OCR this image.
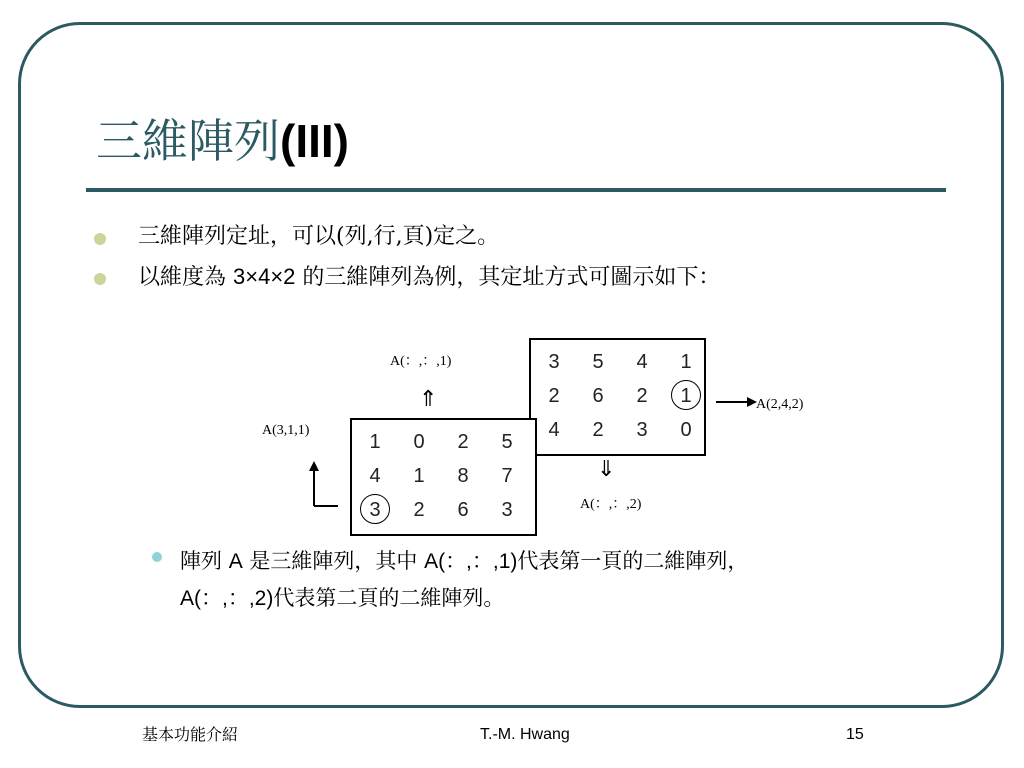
三維陣列(III)
三維陣列定址，可以(列,行,頁)定之。
以維度為 3×4×2 的三維陣列為例，其定址方式可圖示如下：
3	5	4	1
2	6	2	1
4	2	3	0
1	0	2	5
4	1	8	7
3	2	6	3
A(：,：,1)
⇑
⇓
A(：,：,2)
A(3,1,1)
A(2,4,2)
陣列 A 是三維陣列，其中 A(：,：,1)代表第一頁的二維陣列，
A(：,：,2)代表第二頁的二維陣列。
基本功能介紹	T.-M. Hwang	15
